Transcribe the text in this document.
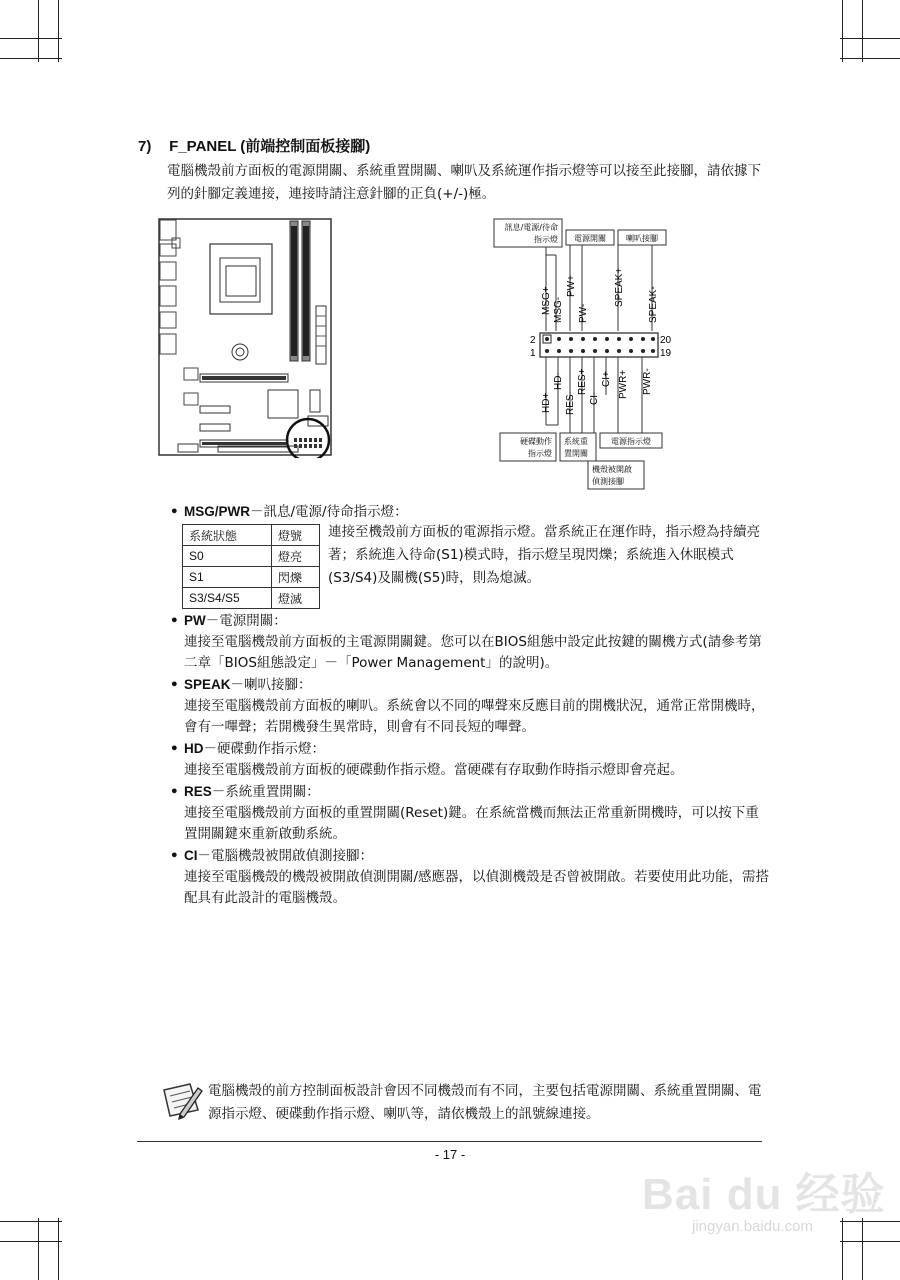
7) F_PANEL (前端控制面板接腳)
電腦機殼前方面板的電源開關、系統重置開關、喇叭及系統運作指示燈等可以接至此接腳，請依據下列的針腳定義連接，連接時請注意針腳的正負(+/-)極。
訊息/電源/待命
指示燈 電源開關	喇叭接腳
MSG+ MSG-
PW+
PW-
SPEAK+ SPEAK-
2
1
20
19
HD+
HD-
RES-
RES+
CI-
CI+ PWR+ PWR-
硬碟動作
指示燈
系統重
置開關
電源指示燈
機殼被開啟
偵測接腳
• MSG/PWR－訊息/電源/待命指示燈：
系統狀態	燈號
S0	燈亮
S1	閃爍
S3/S4/S5	燈滅
連接至機殼前方面板的電源指示燈。當系統正在運作時，指示燈為持續亮著；系統進入待命(S1)模式時，指示燈呈現閃爍；系統進入休眠模式(S3/S4)及關機(S5)時，則為熄滅。
• PW－電源開關：
連接至電腦機殼前方面板的主電源開關鍵。您可以在BIOS組態中設定此按鍵的關機方式(請參考第二章「BIOS組態設定」－「Power Management」的說明)。
• SPEAK－喇叭接腳：
連接至電腦機殼前方面板的喇叭。系統會以不同的嗶聲來反應目前的開機狀況，通常正常開機時，會有一嗶聲；若開機發生異常時，則會有不同長短的嗶聲。
• HD－硬碟動作指示燈：
連接至電腦機殼前方面板的硬碟動作指示燈。當硬碟有存取動作時指示燈即會亮起。
• RES－系統重置開關：
連接至電腦機殼前方面板的重置開關(Reset)鍵。在系統當機而無法正常重新開機時，可以按下重置開關鍵來重新啟動系統。
• CI－電腦機殼被開啟偵測接腳：
連接至電腦機殼的機殼被開啟偵測開關/感應器，以偵測機殼是否曾被開啟。若要使用此功能，需搭配具有此設計的電腦機殼。
電腦機殼的前方控制面板設計會因不同機殼而有不同，主要包括電源開關、系統重置開關、電源指示燈、硬碟動作指示燈、喇叭等，請依機殼上的訊號線連接。
- 17 -
Bai du 经验
jingyan.baidu.com
